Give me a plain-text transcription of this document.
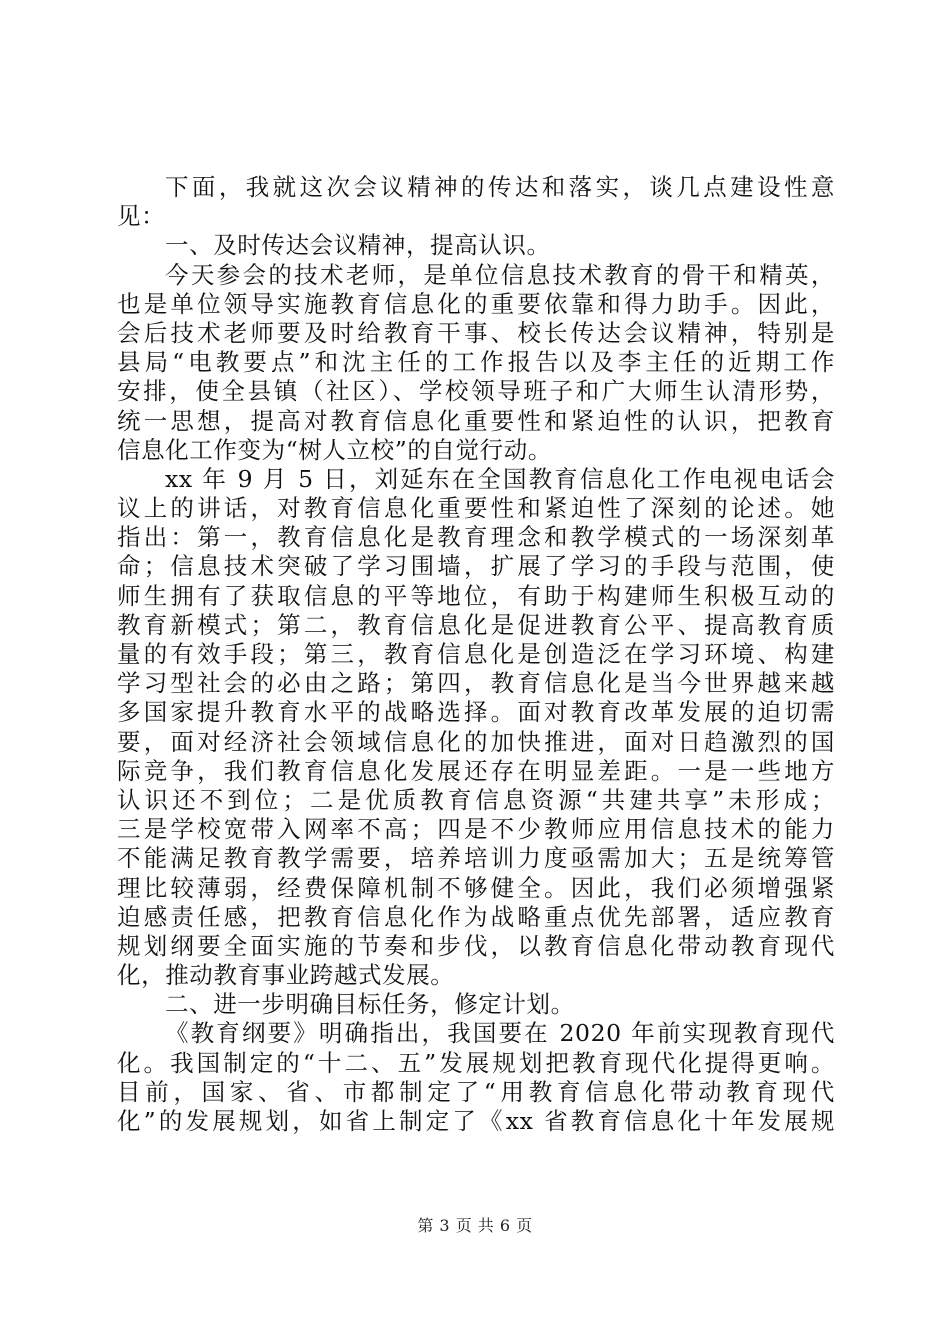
下面，我就这次会议精神的传达和落实，谈几点建设性意
见：
一、及时传达会议精神，提高认识。
今天参会的技术老师，是单位信息技术教育的骨干和精英，
也是单位领导实施教育信息化的重要依靠和得力助手。因此，
会后技术老师要及时给教育干事、校长传达会议精神，特别是
县局“电教要点”和沈主任的工作报告以及李主任的近期工作
安排，使全县镇（社区）、学校领导班子和广大师生认清形势，
统一思想，提高对教育信息化重要性和紧迫性的认识，把教育
信息化工作变为“树人立校”的自觉行动。
xx 年 9 月 5 日，刘延东在全国教育信息化工作电视电话会
议上的讲话，对教育信息化重要性和紧迫性了深刻的论述。她
指出：第一，教育信息化是教育理念和教学模式的一场深刻革
命；信息技术突破了学习围墙，扩展了学习的手段与范围，使
师生拥有了获取信息的平等地位，有助于构建师生积极互动的
教育新模式；第二，教育信息化是促进教育公平、提高教育质
量的有效手段；第三，教育信息化是创造泛在学习环境、构建
学习型社会的必由之路；第四，教育信息化是当今世界越来越
多国家提升教育水平的战略选择。面对教育改革发展的迫切需
要，面对经济社会领域信息化的加快推进，面对日趋激烈的国
际竞争，我们教育信息化发展还存在明显差距。一是一些地方
认识还不到位；二是优质教育信息资源“共建共享”未形成；
三是学校宽带入网率不高；四是不少教师应用信息技术的能力
不能满足教育教学需要，培养培训力度亟需加大；五是统筹管
理比较薄弱，经费保障机制不够健全。因此，我们必须增强紧
迫感责任感，把教育信息化作为战略重点优先部署，适应教育
规划纲要全面实施的节奏和步伐，以教育信息化带动教育现代
化，推动教育事业跨越式发展。
二、进一步明确目标任务，修定计划。
《教育纲要》明确指出，我国要在 2020 年前实现教育现代
化。我国制定的“十二、五”发展规划把教育现代化提得更响。
目前，国家、省、市都制定了“用教育信息化带动教育现代
化”的发展规划，如省上制定了《xx 省教育信息化十年发展规
第 3 页 共 6 页
